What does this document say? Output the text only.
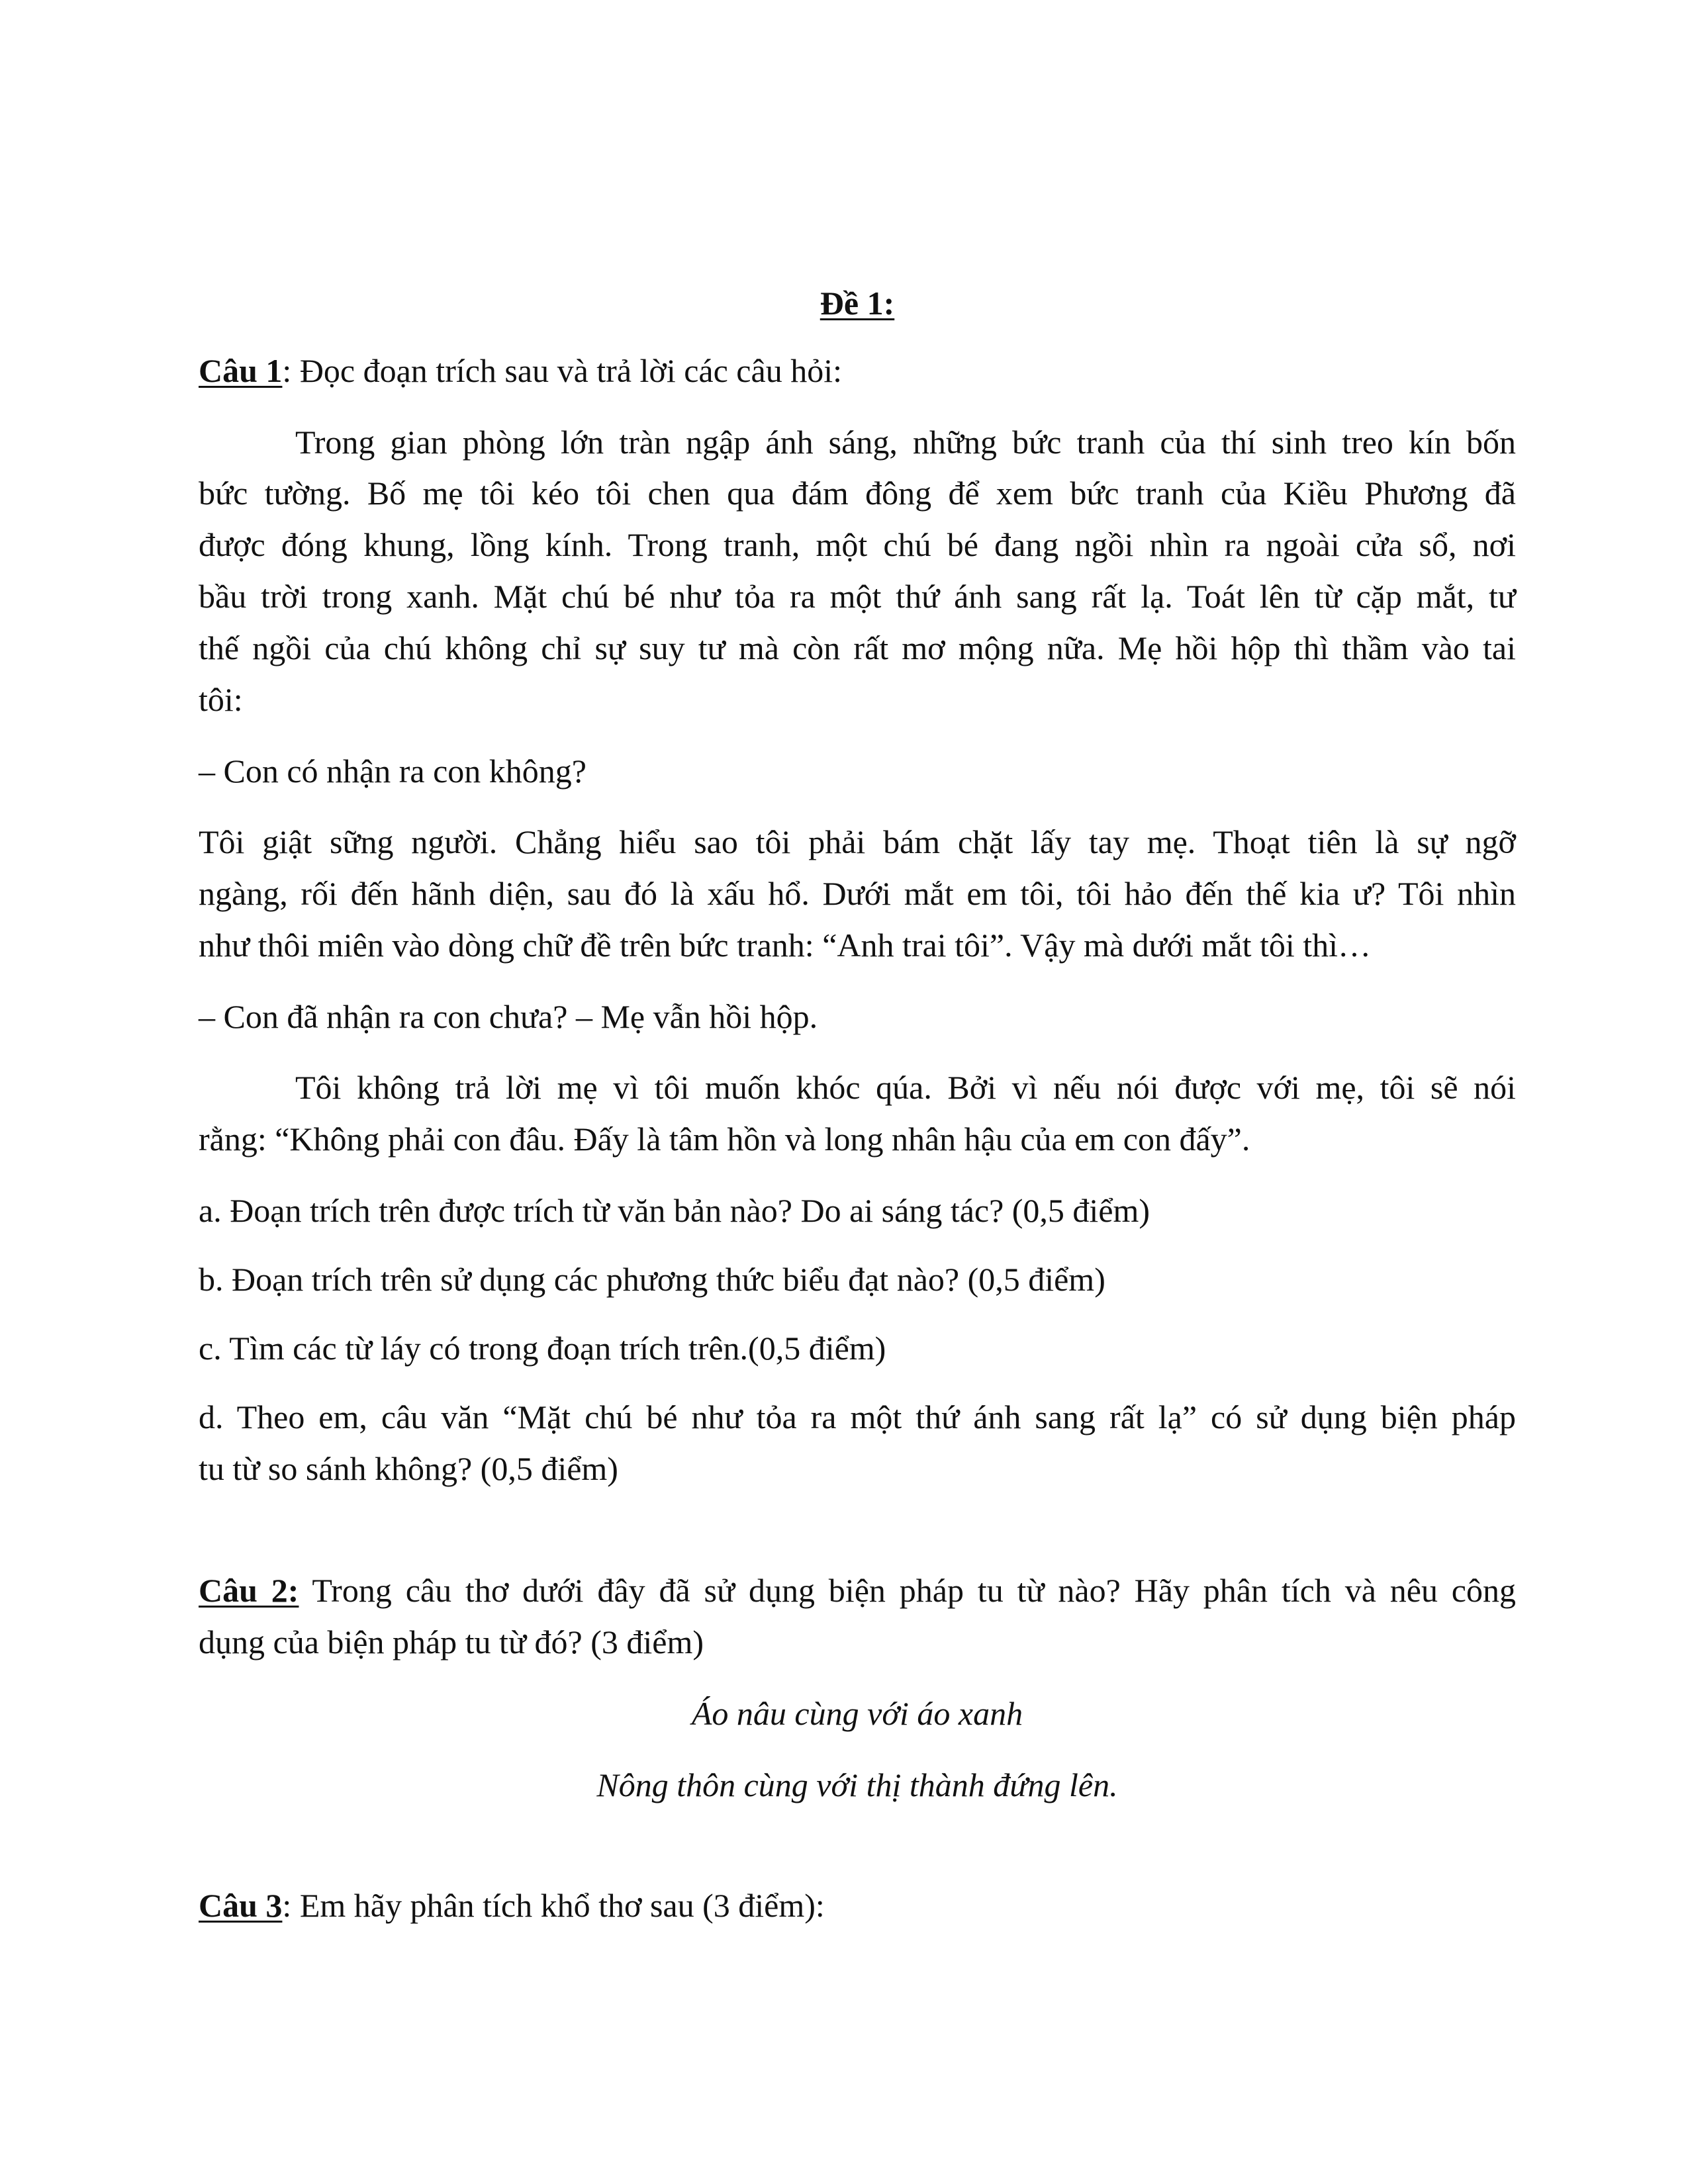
Đề 1:
Câu 1: Đọc đoạn trích sau và trả lời các câu hỏi:
Trong gian phòng lớn tràn ngập ánh sáng, những bức tranh của thí sinh treo kín bốn
bức tường. Bố mẹ tôi kéo tôi chen qua đám đông để xem bức tranh của Kiều Phương đã
được đóng khung, lồng kính. Trong tranh, một chú bé đang ngồi nhìn ra ngoài cửa sổ, nơi
bầu trời trong xanh. Mặt chú bé như tỏa ra một thứ ánh sang rất lạ. Toát lên từ cặp mắt, tư
thế ngồi của chú không chỉ sự suy tư mà còn rất mơ mộng nữa. Mẹ hồi hộp thì thầm vào tai
tôi:
– Con có nhận ra con không?
Tôi giật sững người. Chẳng hiểu sao tôi phải bám chặt lấy tay mẹ. Thoạt tiên là sự ngỡ
ngàng, rối đến hãnh diện, sau đó là xấu hổ. Dưới mắt em tôi, tôi hảo đến thế kia ư? Tôi nhìn
như thôi miên vào dòng chữ đề trên bức tranh: “Anh trai tôi”. Vậy mà dưới mắt tôi thì…
– Con đã nhận ra con chưa? – Mẹ vẫn hồi hộp.
Tôi không trả lời mẹ vì tôi muốn khóc qúa. Bởi vì nếu nói được với mẹ, tôi sẽ nói
rằng: “Không phải con đâu. Đấy là tâm hồn và long nhân hậu của em con đấy”.
a. Đoạn trích trên được trích từ văn bản nào? Do ai sáng tác? (0,5 điểm)
b. Đoạn trích trên sử dụng các phương thức biểu đạt nào? (0,5 điểm)
c. Tìm các từ láy có trong đoạn trích trên.(0,5 điểm)
d. Theo em, câu văn “Mặt chú bé như tỏa ra một thứ ánh sang rất lạ” có sử dụng biện pháp
tu từ so sánh không? (0,5 điểm)
Câu 2: Trong câu thơ dưới đây đã sử dụng biện pháp tu từ nào? Hãy phân tích và nêu công
dụng của biện pháp tu từ đó? (3 điểm)
Áo nâu cùng với áo xanh
Nông thôn cùng với thị thành đứng lên.
Câu 3: Em hãy phân tích khổ thơ sau (3 điểm):
